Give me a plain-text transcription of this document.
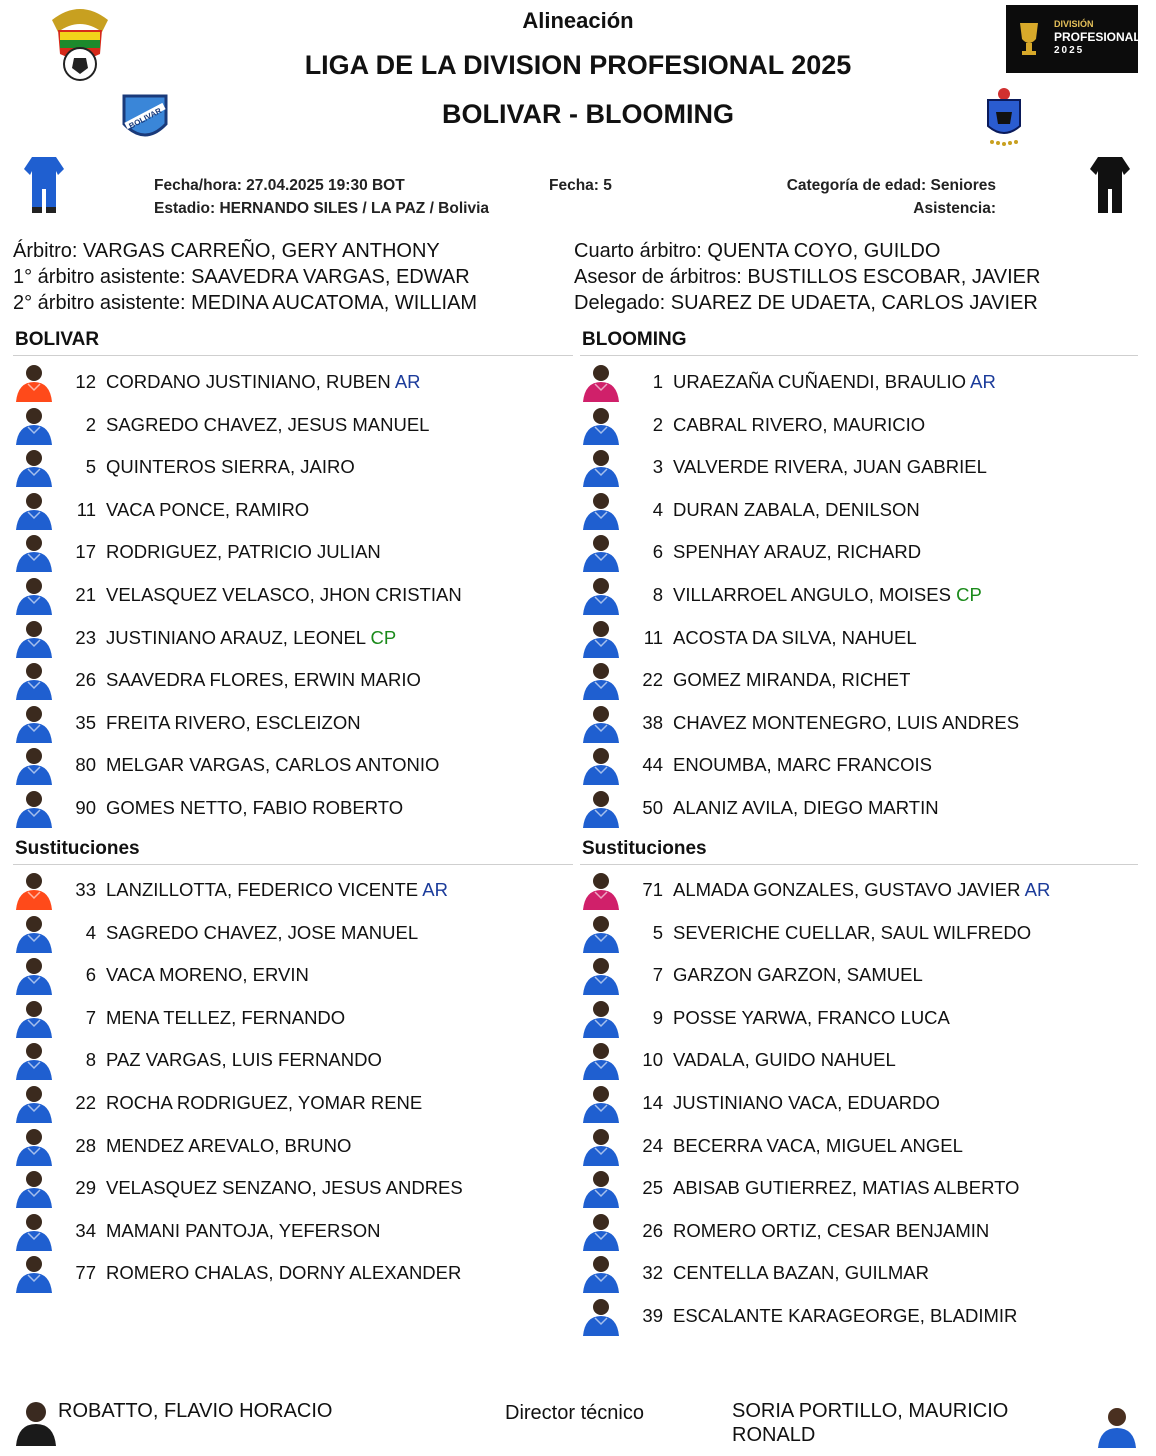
Alineación
LIGA DE LA DIVISION PROFESIONAL 2025
BOLIVAR - BLOOMING
DIVISIÓN
PROFESIONAL
2025
BOLIVAR
Fecha/hora: 27.04.2025 19:30 BOT
Estadio: HERNANDO SILES / LA PAZ / Bolivia
Fecha: 5	Categoría de edad: Seniores
Asistencia:
Árbitro: VARGAS CARREÑO, GERY ANTHONY
1° árbitro asistente: SAAVEDRA VARGAS, EDWAR
2° árbitro asistente: MEDINA AUCATOMA, WILLIAM
Cuarto árbitro: QUENTA COYO, GUILDO
Asesor de árbitros: BUSTILLOS ESCOBAR, JAVIER
Delegado: SUAREZ DE UDAETA, CARLOS JAVIER
BOLIVAR	BLOOMING
Sustituciones	Sustituciones
12 CORDANO JUSTINIANO, RUBEN AR
2 SAGREDO CHAVEZ, JESUS MANUEL
5 QUINTEROS SIERRA, JAIRO
11 VACA PONCE, RAMIRO
17 RODRIGUEZ, PATRICIO JULIAN
21 VELASQUEZ VELASCO, JHON CRISTIAN
23 JUSTINIANO ARAUZ, LEONEL CP
26 SAAVEDRA FLORES, ERWIN MARIO
35 FREITA RIVERO, ESCLEIZON
80 MELGAR VARGAS, CARLOS ANTONIO
90 GOMES NETTO, FABIO ROBERTO
1 URAEZAÑA CUÑAENDI, BRAULIO AR
2 CABRAL RIVERO, MAURICIO
3 VALVERDE RIVERA, JUAN GABRIEL
4 DURAN ZABALA, DENILSON
6 SPENHAY ARAUZ, RICHARD
8 VILLARROEL ANGULO, MOISES CP
11 ACOSTA DA SILVA, NAHUEL
22 GOMEZ MIRANDA, RICHET
38 CHAVEZ MONTENEGRO, LUIS ANDRES
44 ENOUMBA, MARC FRANCOIS
50 ALANIZ AVILA, DIEGO MARTIN
33 LANZILLOTTA, FEDERICO VICENTE AR
4 SAGREDO CHAVEZ, JOSE MANUEL
6 VACA MORENO, ERVIN
7 MENA TELLEZ, FERNANDO
8 PAZ VARGAS, LUIS FERNANDO
22 ROCHA RODRIGUEZ, YOMAR RENE
28 MENDEZ AREVALO, BRUNO
29 VELASQUEZ SENZANO, JESUS ANDRES
34 MAMANI PANTOJA, YEFERSON
77 ROMERO CHALAS, DORNY ALEXANDER
71 ALMADA GONZALES, GUSTAVO JAVIER AR
5 SEVERICHE CUELLAR, SAUL WILFREDO
7 GARZON GARZON, SAMUEL
9 POSSE YARWA, FRANCO LUCA
10 VADALA, GUIDO NAHUEL
14 JUSTINIANO VACA, EDUARDO
24 BECERRA VACA, MIGUEL ANGEL
25 ABISAB GUTIERREZ, MATIAS ALBERTO
26 ROMERO ORTIZ, CESAR BENJAMIN
32 CENTELLA BAZAN, GUILMAR
39 ESCALANTE KARAGEORGE, BLADIMIR
ROBATTO, FLAVIO HORACIO	Director técnico	SORIA PORTILLO, MAURICIO
RONALD
